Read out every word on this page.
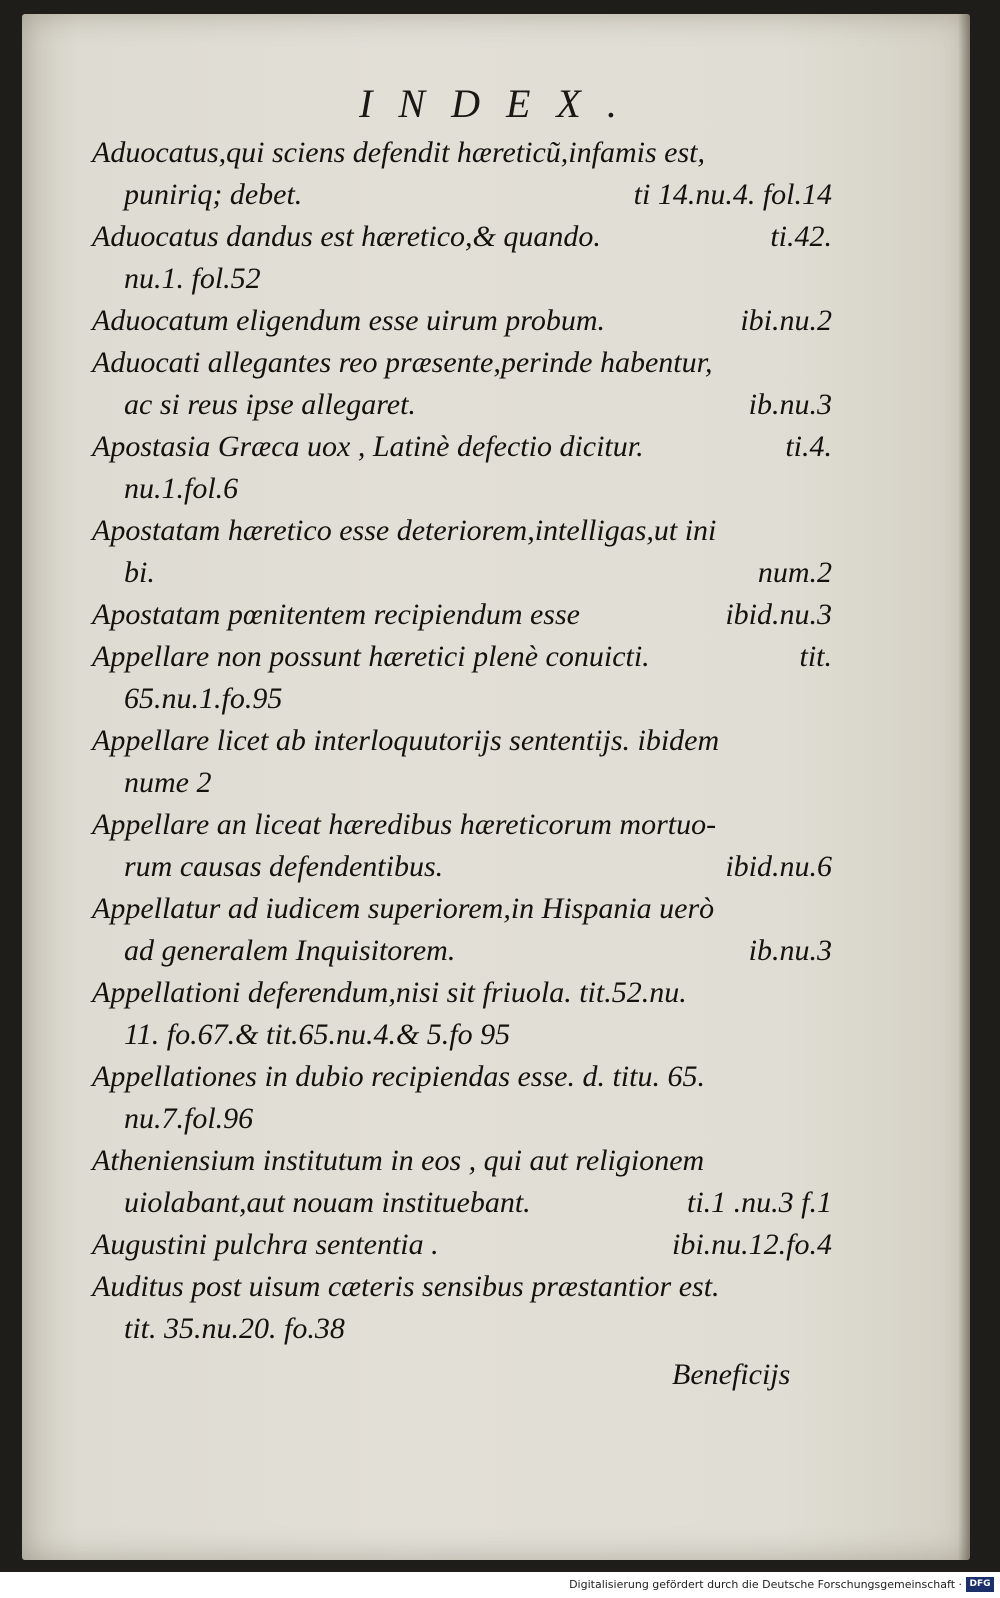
INDEX.
Aduocatus,qui sciens defendit hæreticũ,infamis est,
puniriq; debet.	ti 14.nu.4. fol.14
Aduocatus dandus est hæretico,& quando.	ti.42.
nu.1. fol.52
Aduocatum eligendum esse uirum probum.	ibi.nu.2
Aduocati allegantes reo præsente,perinde habentur,
ac si reus ipse allegaret.	ib.nu.3
Apostasia Græca uox , Latinè defectio dicitur.	ti.4.
nu.1.fol.6
Apostatam hæretico esse deteriorem,intelligas,ut ini
bi.	num.2
Apostatam pœnitentem recipiendum esse	ibid.nu.3
Appellare non possunt hæretici plenè conuicti.	tit.
65.nu.1.fo.95
Appellare licet ab interloquutorijs sententijs. ibidem
nume 2
Appellare an liceat hæredibus hæreticorum mortuo-
rum causas defendentibus.	ibid.nu.6
Appellatur ad iudicem superiorem,in Hispania uerò
ad generalem Inquisitorem.	ib.nu.3
Appellationi deferendum,nisi sit friuola. tit.52.nu.
11. fo.67.& tit.65.nu.4.& 5.fo 95
Appellationes in dubio recipiendas esse. d. titu. 65.
nu.7.fol.96
Atheniensium institutum in eos , qui aut religionem
uiolabant,aut nouam instituebant.	ti.1 .nu.3 f.1
Augustini pulchra sententia .	ibi.nu.12.fo.4
Auditus post uisum cæteris sensibus præstantior est.
tit. 35.nu.20. fo.38
Beneficijs
Digitalisierung gefördert durch die Deutsche Forschungsgemeinschaft · DFG
